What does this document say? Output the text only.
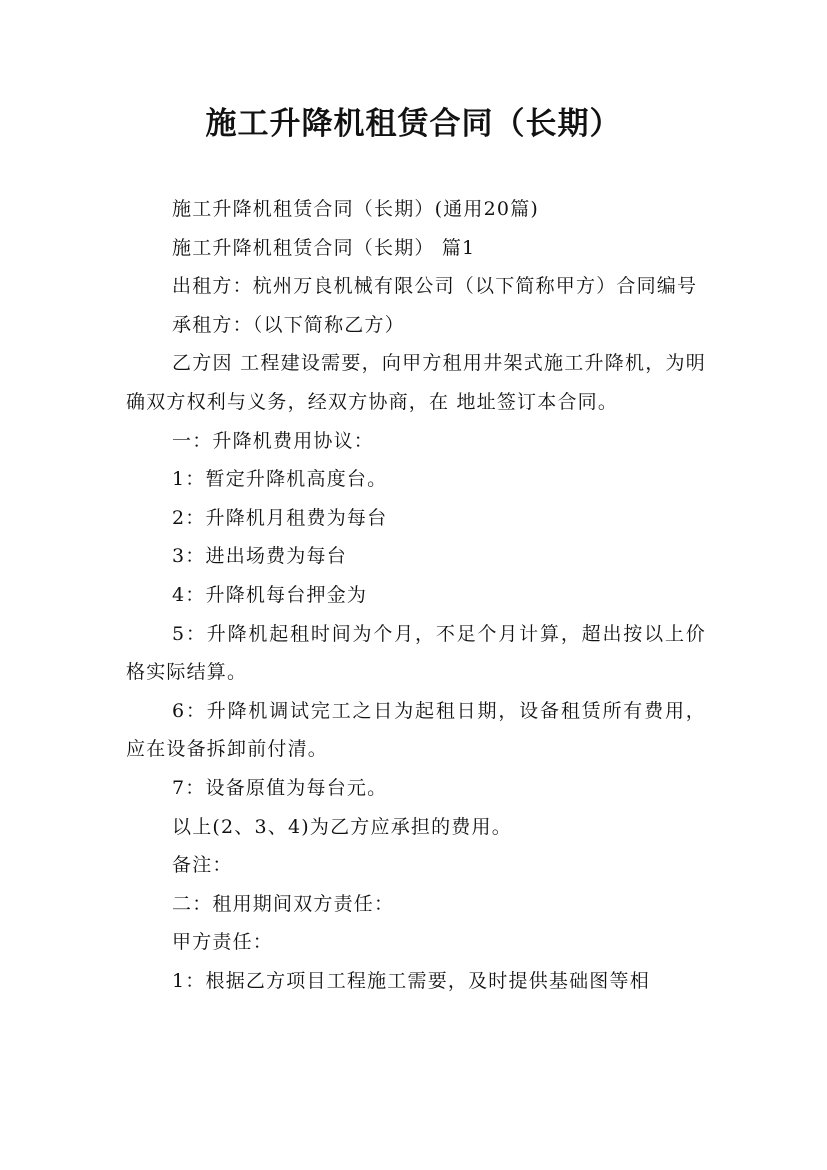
施工升降机租赁合同（长期）

施工升降机租赁合同（长期）(通用20篇)

施工升降机租赁合同（长期） 篇1

出租方：杭州万良机械有限公司（以下简称甲方）合同编号

承租方：（以下简称乙方）

乙方因 工程建设需要，向甲方租用井架式施工升降机，为明确双方权利与义务，经双方协商，在 地址签订本合同。

一：升降机费用协议：

1：暂定升降机高度台。

2：升降机月租费为每台

3：进出场费为每台

4：升降机每台押金为

5：升降机起租时间为个月，不足个月计算，超出按以上价格实际结算。

6：升降机调试完工之日为起租日期，设备租赁所有费用，应在设备拆卸前付清。

7：设备原值为每台元。

以上(2、3、4)为乙方应承担的费用。

备注：

二：租用期间双方责任：

甲方责任：

1：根据乙方项目工程施工需要，及时提供基础图等相
